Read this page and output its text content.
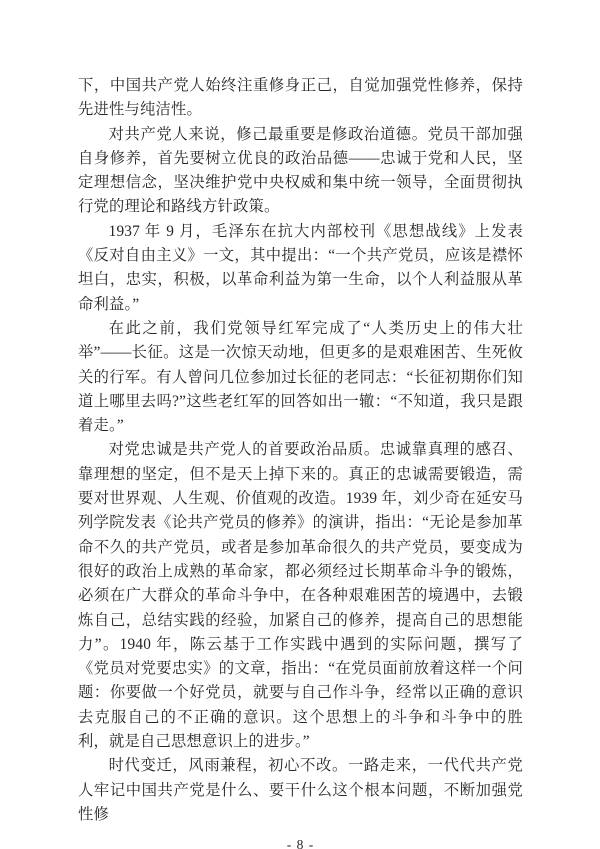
下，中国共产党人始终注重修身正己，自觉加强党性修养，保持先进性与纯洁性。

对共产党人来说，修己最重要是修政治道德。党员干部加强自身修养，首先要树立优良的政治品德——忠诚于党和人民，坚定理想信念，坚决维护党中央权威和集中统一领导，全面贯彻执行党的理论和路线方针政策。

1937 年 9 月，毛泽东在抗大内部校刊《思想战线》上发表《反对自由主义》一文，其中提出：“一个共产党员，应该是襟怀坦白，忠实，积极，以革命利益为第一生命，以个人利益服从革命利益。”

在此之前，我们党领导红军完成了“人类历史上的伟大壮举”——长征。这是一次惊天动地，但更多的是艰难困苦、生死攸关的行军。有人曾问几位参加过长征的老同志：“长征初期你们知道上哪里去吗?”这些老红军的回答如出一辙：“不知道，我只是跟着走。”

对党忠诚是共产党人的首要政治品质。忠诚靠真理的感召、靠理想的坚定，但不是天上掉下来的。真正的忠诚需要锻造，需要对世界观、人生观、价值观的改造。1939 年，刘少奇在延安马列学院发表《论共产党员的修养》的演讲，指出：“无论是参加革命不久的共产党员，或者是参加革命很久的共产党员，要变成为很好的政治上成熟的革命家，都必须经过长期革命斗争的锻炼，必须在广大群众的革命斗争中，在各种艰难困苦的境遇中，去锻炼自己，总结实践的经验，加紧自己的修养，提高自己的思想能力”。1940 年，陈云基于工作实践中遇到的实际问题，撰写了《党员对党要忠实》的文章，指出：“在党员面前放着这样一个问题：你要做一个好党员，就要与自己作斗争，经常以正确的意识去克服自己的不正确的意识。这个思想上的斗争和斗争中的胜利，就是自己思想意识上的进步。”

时代变迁，风雨兼程，初心不改。一路走来，一代代共产党人牢记中国共产党是什么、要干什么这个根本问题，不断加强党性修

- 8 -
